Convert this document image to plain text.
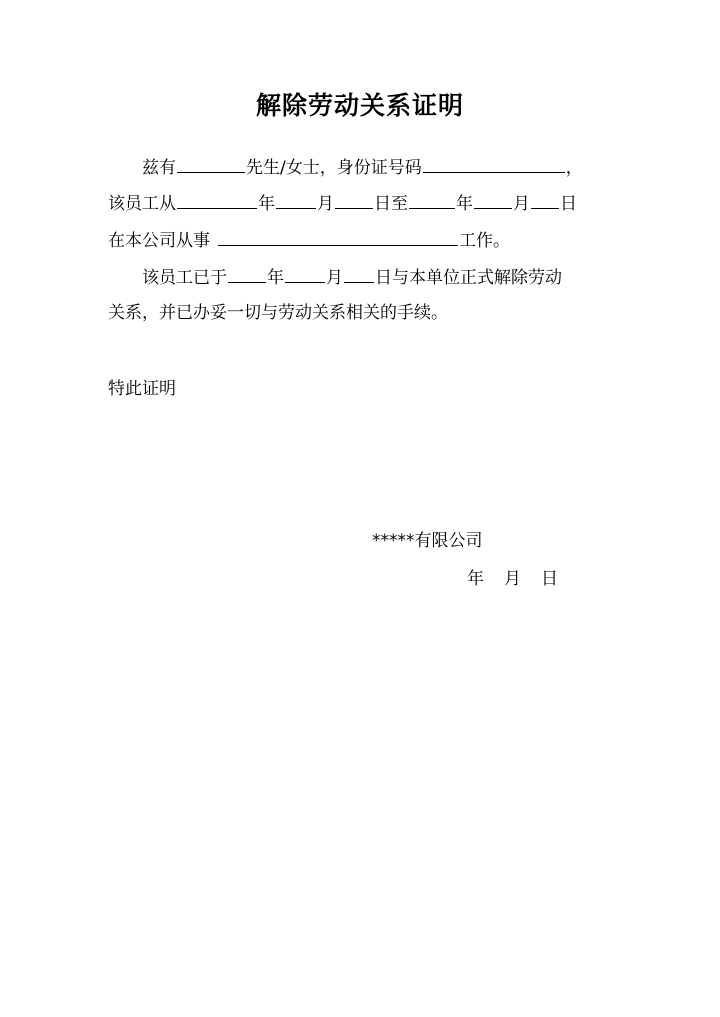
解除劳动关系证明
兹有	先生/女士，身份证号码	，
该员工从	年 月 日至	年 月 日
在本公司从事	工作。
该员工已于 年 月 日与本单位正式解除劳动
关系，并已办妥一切与劳动关系相关的手续。
特此证明
*****有限公司
年 月 日
